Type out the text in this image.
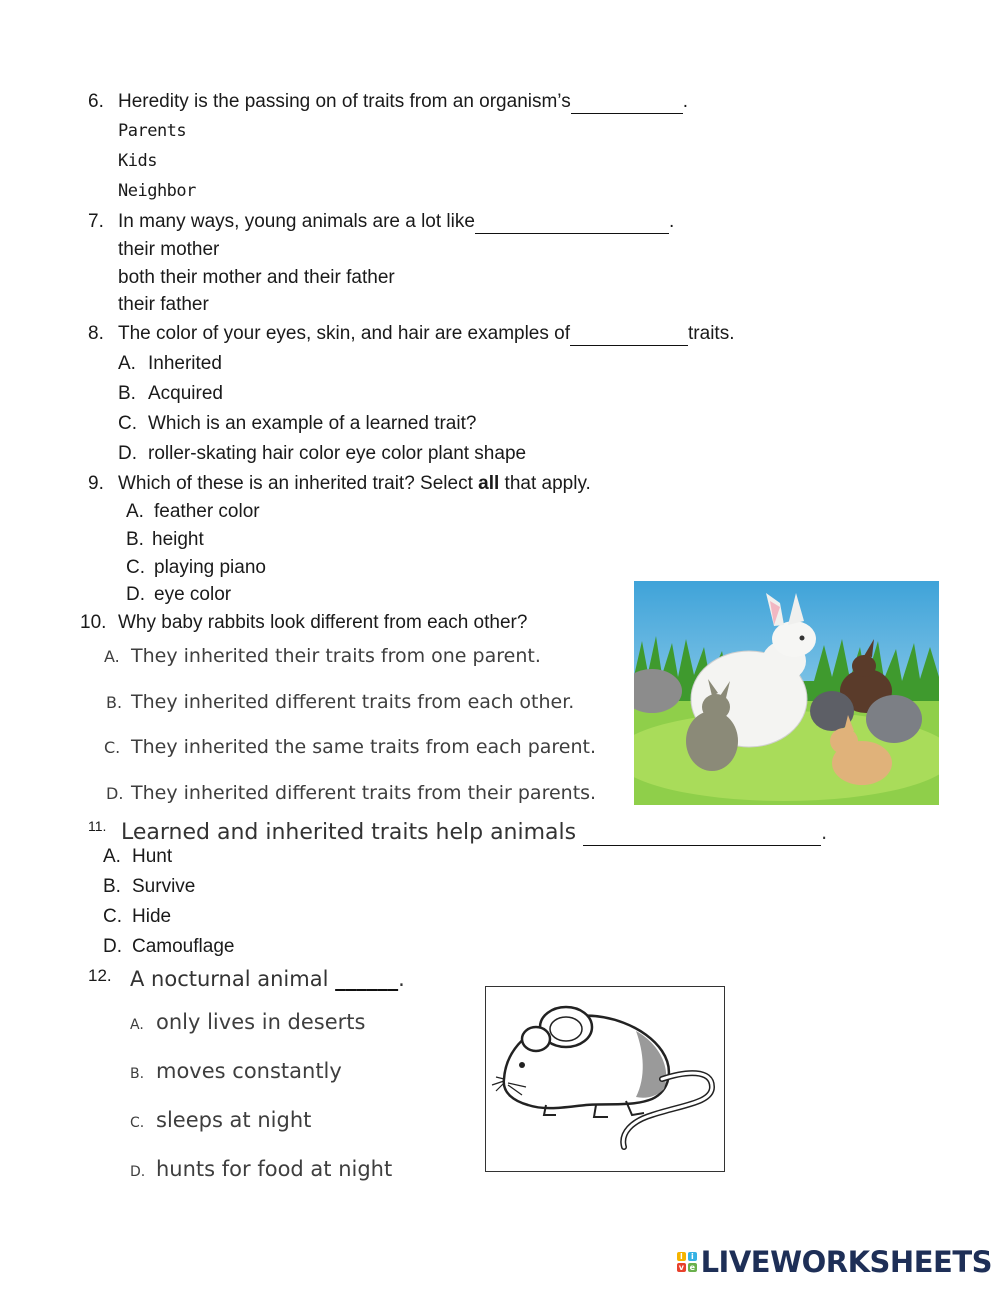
6. Heredity is the passing on of traits from an organism’s	.
Parents
Kids
Neighbor
7. In many ways, young animals are a lot like	.
their mother
both their mother and their father
their father
8. The color of your eyes, skin, and hair are examples of	traits.
A. Inherited
B. Acquired
C. Which is an example of a learned trait?
D. roller-skating hair color eye color plant shape
9. Which of these is an inherited trait? Select all that apply.
A. feather color
B. height
C. playing piano
D. eye color
10. Why baby rabbits look different from each other?
A. They inherited their traits from one parent.
B. They inherited different traits from each other.
C. They inherited the same traits from each parent.
D. They inherited different traits from their parents.
11. Learned and inherited traits help animals	.
A. Hunt
B. Survive
C. Hide
D. Camouflage
12. A nocturnal animal ______.
A. only lives in deserts
B. moves constantly
C. sleeps at night
D. hunts for food at night
l	i
v e LIVEWORKSHEETS
